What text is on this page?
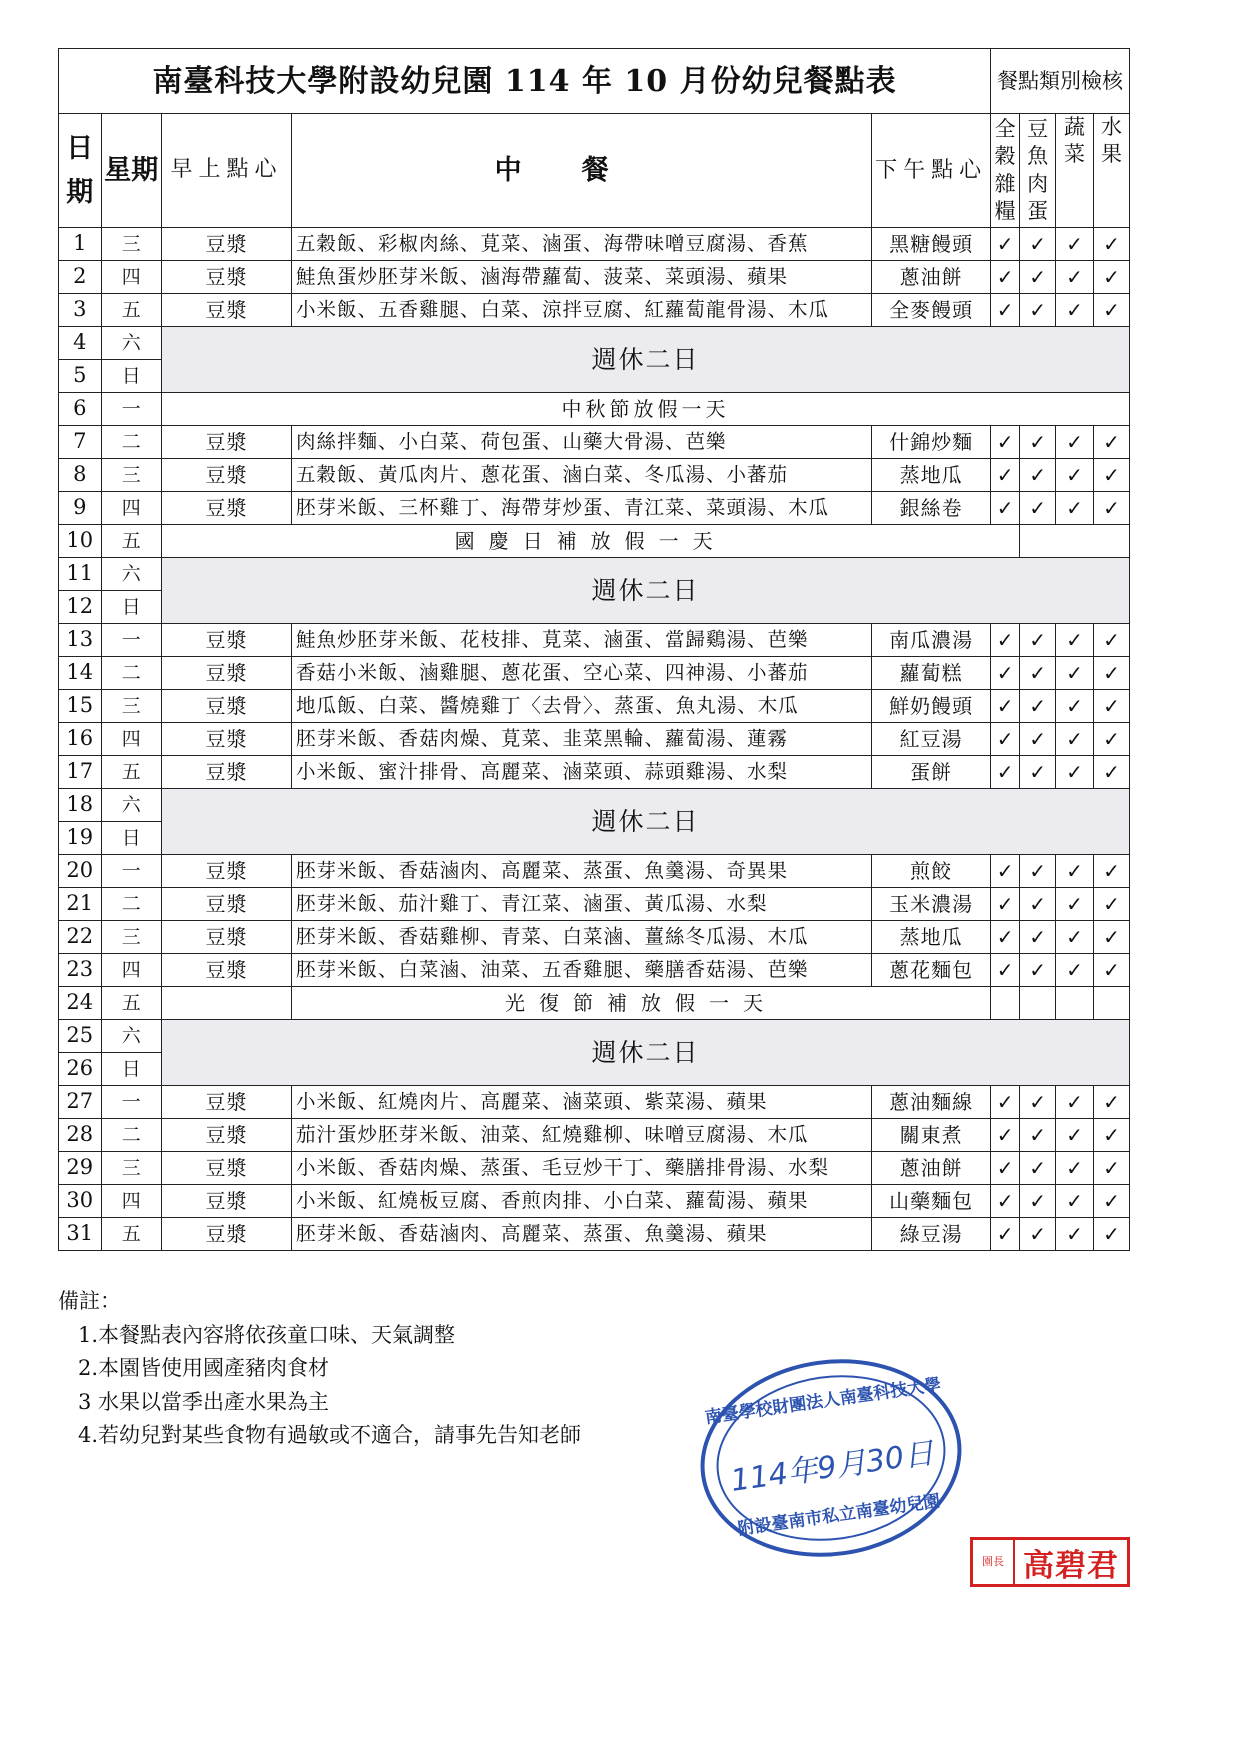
南臺科技大學附設幼兒園 114 年 10 月份幼兒餐點表					餐點類別檢核			
日期	星期	早上點心	中餐	下午點心	全穀雜糧	豆魚肉蛋	蔬菜	水果
1	三	豆漿	五穀飯、彩椒肉絲、莧菜、滷蛋、海帶味噌豆腐湯、香蕉	黑糖饅頭	✓	✓	✓	✓
2	四	豆漿	鮭魚蛋炒胚芽米飯、滷海帶蘿蔔、菠菜、菜頭湯、蘋果	蔥油餅	✓	✓	✓	✓
3	五	豆漿	小米飯、五香雞腿、白菜、涼拌豆腐、紅蘿蔔龍骨湯、木瓜	全麥饅頭	✓	✓	✓	✓
4	六	週休二日						
5	日							
6	一	中秋節放假一天						
7	二	豆漿	肉絲拌麵、小白菜、荷包蛋、山藥大骨湯、芭樂	什錦炒麵	✓	✓	✓	✓
8	三	豆漿	五穀飯、黃瓜肉片、蔥花蛋、滷白菜、冬瓜湯、小蕃茄	蒸地瓜	✓	✓	✓	✓
9	四	豆漿	胚芽米飯、三杯雞丁、海帶芽炒蛋、青江菜、菜頭湯、木瓜	銀絲卷	✓	✓	✓	✓
10	五	國慶日補放假一天						
11	六	週休二日						
12	日							
13	一	豆漿	鮭魚炒胚芽米飯、花枝排、莧菜、滷蛋、當歸鷄湯、芭樂	南瓜濃湯	✓	✓	✓	✓
14	二	豆漿	香菇小米飯、滷雞腿、蔥花蛋、空心菜、四神湯、小蕃茄	蘿蔔糕	✓	✓	✓	✓
15	三	豆漿	地瓜飯、白菜、醬燒雞丁〈去骨〉、蒸蛋、魚丸湯、木瓜	鮮奶饅頭	✓	✓	✓	✓
16	四	豆漿	胚芽米飯、香菇肉燥、莧菜、韭菜黑輪、蘿蔔湯、蓮霧	紅豆湯	✓	✓	✓	✓
17	五	豆漿	小米飯、蜜汁排骨、高麗菜、滷菜頭、蒜頭雞湯、水梨	蛋餅	✓	✓	✓	✓
18	六	週休二日						
19	日							
20	一	豆漿	胚芽米飯、香菇滷肉、高麗菜、蒸蛋、魚羹湯、奇異果	煎餃	✓	✓	✓	✓
21	二	豆漿	胚芽米飯、茄汁雞丁、青江菜、滷蛋、黃瓜湯、水梨	玉米濃湯	✓	✓	✓	✓
22	三	豆漿	胚芽米飯、香菇雞柳、青菜、白菜滷、薑絲冬瓜湯、木瓜	蒸地瓜	✓	✓	✓	✓
23	四	豆漿	胚芽米飯、白菜滷、油菜、五香雞腿、藥膳香菇湯、芭樂	蔥花麵包	✓	✓	✓	✓
24	五		光復節補放假一天					
25	六	週休二日						
26	日							
27	一	豆漿	小米飯、紅燒肉片、高麗菜、滷菜頭、紫菜湯、蘋果	蔥油麵線	✓	✓	✓	✓
28	二	豆漿	茄汁蛋炒胚芽米飯、油菜、紅燒雞柳、味噌豆腐湯、木瓜	關東煮	✓	✓	✓	✓
29	三	豆漿	小米飯、香菇肉燥、蒸蛋、毛豆炒干丁、藥膳排骨湯、水梨	蔥油餅	✓	✓	✓	✓
30	四	豆漿	小米飯、紅燒板豆腐、香煎肉排、小白菜、蘿蔔湯、蘋果	山藥麵包	✓	✓	✓	✓
31	五	豆漿	胚芽米飯、香菇滷肉、高麗菜、蒸蛋、魚羹湯、蘋果	綠豆湯	✓	✓	✓	✓
備註：
1.本餐點表內容將依孩童口味、天氣調整
2.本園皆使用國產豬肉食材
3 水果以當季出產水果為主
4.若幼兒對某些食物有過敏或不適合，請事先告知老師
南臺學校財團法人南臺科技大學
114年9月30日
附設臺南市私立南臺幼兒園
園長 高碧君
